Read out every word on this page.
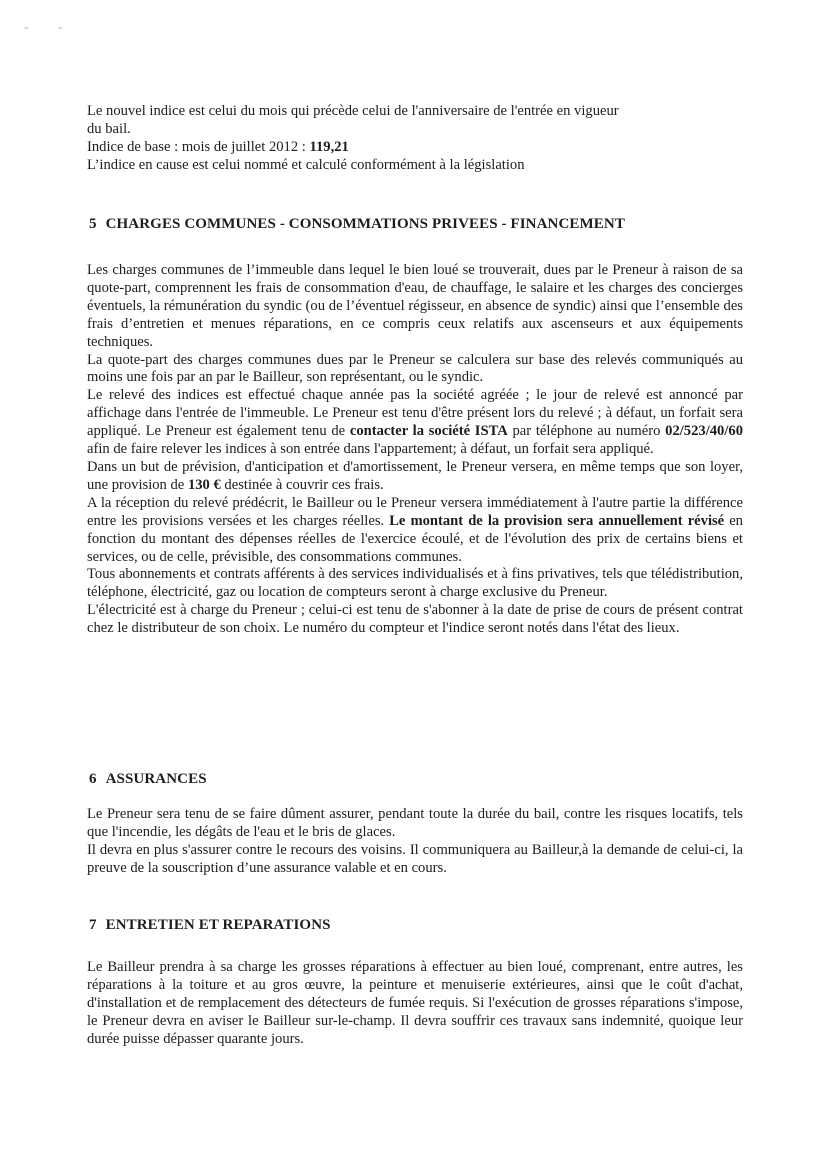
- -

Le nouvel indice est celui du mois qui précède celui de l'anniversaire de l'entrée en vigueur du bail.

Indice de base : mois de juillet 2012 : 119,21

L’indice en cause est celui nommé et calculé conformément à la législation

5 CHARGES COMMUNES - CONSOMMATIONS PRIVEES - FINANCEMENT

Les charges communes de l’immeuble dans lequel le bien loué se trouverait, dues par le Preneur à raison de sa quote-part, comprennent les frais de consommation d'eau, de chauffage, le salaire et les charges des concierges éventuels, la rémunération du syndic (ou de l’éventuel régisseur, en absence de syndic) ainsi que l’ensemble des frais d’entretien et menues réparations, en ce compris ceux relatifs aux ascenseurs et aux équipements techniques.

La quote-part des charges communes dues par le Preneur se calculera sur base des relevés communiqués au moins une fois par an par le Bailleur, son représentant, ou le syndic.

Le relevé des indices est effectué chaque année pas la société agréée ; le jour de relevé est annoncé par affichage dans l'entrée de l'immeuble. Le Preneur est tenu d'être présent lors du relevé ; à défaut, un forfait sera appliqué. Le Preneur est également tenu de contacter la société ISTA par téléphone au numéro 02/523/40/60 afin de faire relever les indices à son entrée dans l'appartement; à défaut, un forfait sera appliqué.

Dans un but de prévision, d'anticipation et d'amortissement, le Preneur versera, en même temps que son loyer, une provision de 130 € destinée à couvrir ces frais.

A la réception du relevé prédécrit, le Bailleur ou le Preneur versera immédiatement à l'autre partie la différence entre les provisions versées et les charges réelles. Le montant de la provision sera annuellement révisé en fonction du montant des dépenses réelles de l'exercice écoulé, et de l'évolution des prix de certains biens et services, ou de celle, prévisible, des consommations communes.

Tous abonnements et contrats afférents à des services individualisés et à fins privatives, tels que télédistribution, téléphone, électricité, gaz ou location de compteurs seront à charge exclusive du Preneur.

L'électricité est à charge du Preneur ; celui-ci est tenu de s'abonner à la date de prise de cours de présent contrat chez le distributeur de son choix. Le numéro du compteur et l'indice seront notés dans l'état des lieux.

6 ASSURANCES

Le Preneur sera tenu de se faire dûment assurer, pendant toute la durée du bail, contre les risques locatifs, tels que l'incendie, les dégâts de l'eau et le bris de glaces.

Il devra en plus s'assurer contre le recours des voisins. Il communiquera au Bailleur,à la demande de celui-ci, la preuve de la souscription d’une assurance valable et en cours.

7 ENTRETIEN ET REPARATIONS

Le Bailleur prendra à sa charge les grosses réparations à effectuer au bien loué, comprenant, entre autres, les réparations à la toiture et au gros œuvre, la peinture et menuiserie extérieures, ainsi que le coût d'achat, d'installation et de remplacement des détecteurs de fumée requis. Si l'exécution de grosses réparations s'impose, le Preneur devra en aviser le Bailleur sur-le-champ. Il devra souffrir ces travaux sans indemnité, quoique leur durée puisse dépasser quarante jours.
